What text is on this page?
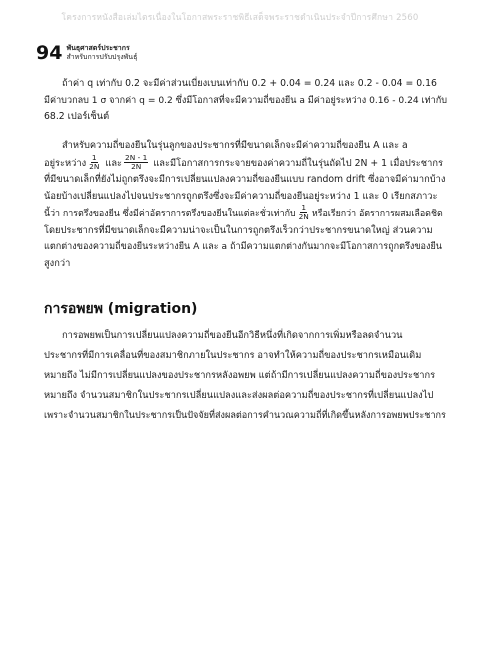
โครงการหนังสือเล่มไตรเนื่องในโอกาสพระราชพิธีเสด็จพระราชดำเนินประจำปีการศึกษา 2560
94 พันธุศาสตร์ประชากร
สำหรับการปรับปรุงพันธุ์
ถ้าค่า q เท่ากับ 0.2 จะมีค่าส่วนเบี่ยงเบนเท่ากับ 0.2 + 0.04 = 0.24 และ 0.2 - 0.04 = 0.16
มีค่าบวกลบ 1 σ จากค่า q = 0.2 ซึ่งมีโอกาสที่จะมีความถี่ของยีน a มีค่าอยู่ระหว่าง 0.16 - 0.24 เท่ากับ
68.2 เปอร์เซ็นต์
สำหรับความถี่ของยีนในรุ่นลูกของประชากรที่มีขนาดเล็กจะมีค่าความถี่ของยีน A และ a
อยู่ระหว่าง $\frac{1}{2N}$ และ $\frac{2N - 1}{2N}$ และมีโอกาสการกระจายของค่าความถี่ในรุ่นถัดไป 2N + 1 เมื่อประชากร
ที่มีขนาดเล็กที่ยังไม่ถูกตรึงจะมีการเปลี่ยนแปลงความถี่ของยีนแบบ random drift ซึ่งอาจมีค่ามากบ้าง
น้อยบ้างเปลี่ยนแปลงไปจนประชากรถูกตรึงซึ่งจะมีค่าความถี่ของยีนอยู่ระหว่าง 1 และ 0 เรียกสภาวะ
นี้ว่า การตรึงของยีน ซึ่งมีค่าอัตราการตรึงของยีนในแต่ละชั่วเท่ากับ $\frac{1}{2N}$ หรือเรียกว่า อัตราการผสมเลือดชิด
โดยประชากรที่มีขนาดเล็กจะมีความน่าจะเป็นในการถูกตรึงเร็วกว่าประชากรขนาดใหญ่ ส่วนความ
แตกต่างของความถี่ของยีนระหว่างยีน A และ a ถ้ามีความแตกต่างกันมากจะมีโอกาสการถูกตรึงของยีน
สูงกว่า
การอพยพ (migration)
การอพยพเป็นการเปลี่ยนแปลงความถี่ของยีนอีกวิธีหนึ่งที่เกิดจากการเพิ่มหรือลดจำนวน
ประชากรที่มีการเคลื่อนที่ของสมาชิกภายในประชากร อาจทำให้ความถี่ของประชากรเหมือนเดิม
หมายถึง ไม่มีการเปลี่ยนแปลงของประชากรหลังอพยพ แต่ถ้ามีการเปลี่ยนแปลงความถี่ของประชากร
หมายถึง จำนวนสมาชิกในประชากรเปลี่ยนแปลงและส่งผลต่อความถี่ของประชากรที่เปลี่ยนแปลงไป
เพราะจำนวนสมาชิกในประชากรเป็นปัจจัยที่ส่งผลต่อการคำนวณความถี่ที่เกิดขึ้นหลังการอพยพประชากร
